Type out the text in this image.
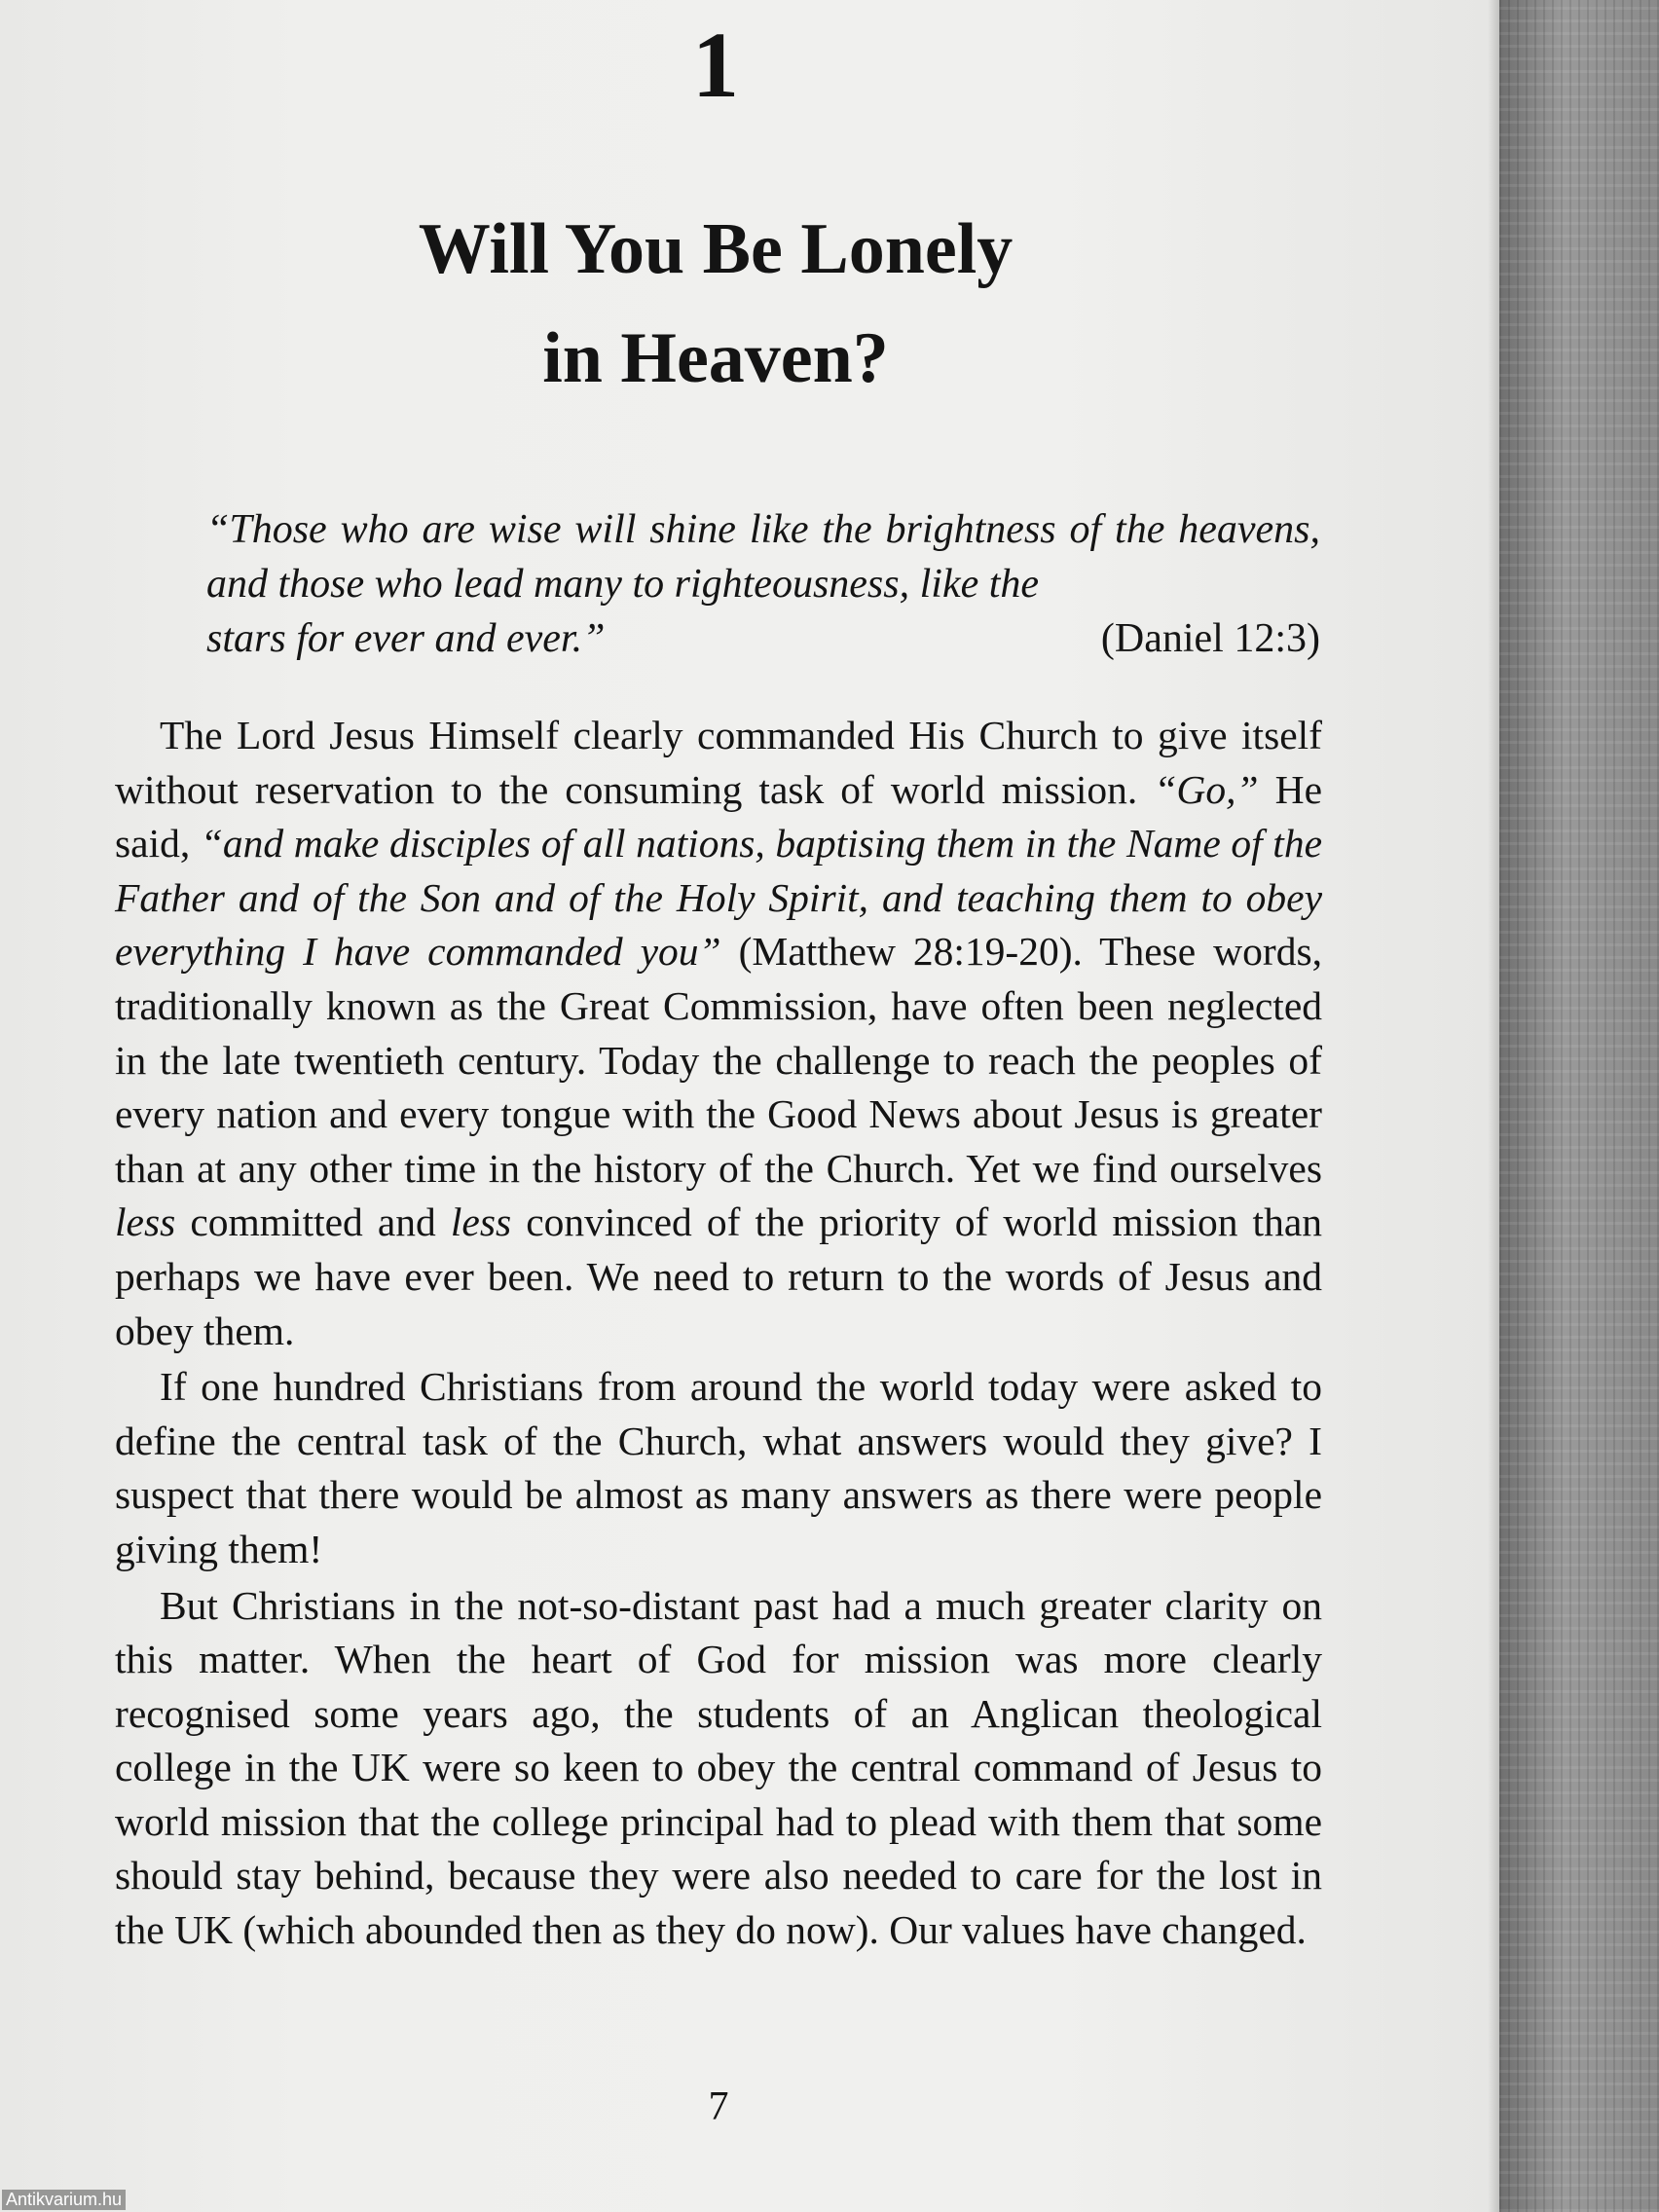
1
Will You Be Lonely
in Heaven?
“Those who are wise will shine like the brightness of the heavens, and those who lead many to righteousness, like the
stars for ever and ever.”	(Daniel 12:3)

The Lord Jesus Himself clearly commanded His Church to give itself without reservation to the consuming task of world mission. “Go,” He said, “and make disciples of all nations, baptising them in the Name of the Father and of the Son and of the Holy Spirit, and teaching them to obey everything I have commanded you” (Matthew 28:19-20). These words, traditionally known as the Great Commission, have often been neglected in the late twentieth century. Today the challenge to reach the peoples of every nation and every tongue with the Good News about Jesus is greater than at any other time in the history of the Church. Yet we find ourselves less committed and less convinced of the priority of world mission than perhaps we have ever been. We need to return to the words of Jesus and obey them.

If one hundred Christians from around the world today were asked to define the central task of the Church, what answers would they give? I suspect that there would be almost as many answers as there were people giving them!

But Christians in the not-so-distant past had a much greater clarity on this matter. When the heart of God for mission was more clearly recognised some years ago, the students of an Anglican theological college in the UK were so keen to obey the central command of Jesus to world mission that the college principal had to plead with them that some should stay behind, because they were also needed to care for the lost in the UK (which abounded then as they do now). Our values have changed.

7
Antikvarium.hu
